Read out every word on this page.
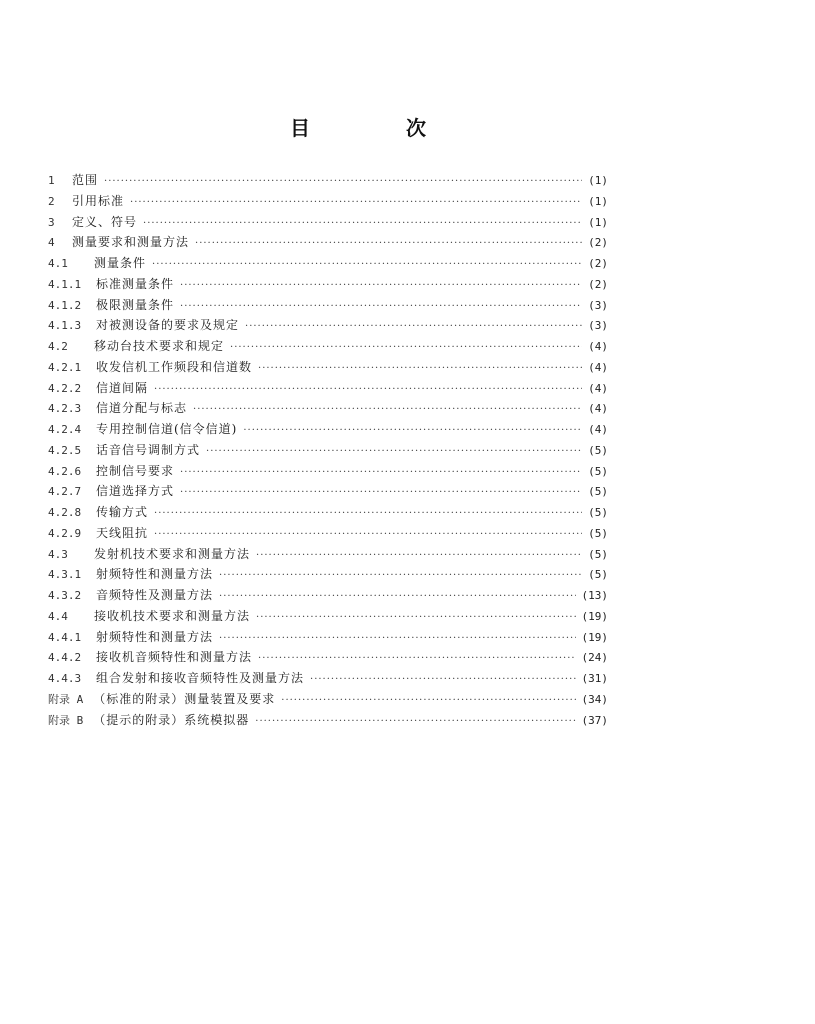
目　次
1	范围 ·····	(1)
2	引用标准 ·····	(1)
3	定义、符号 ·····	(1)
4	测量要求和测量方法 ·····	(2)
4.1	测量条件 ·····	(2)
4.1.1	标准测量条件 ·····	(2)
4.1.2	极限测量条件 ·····	(3)
4.1.3	对被测设备的要求及规定 ·····	(3)
4.2	移动台技术要求和规定 ·····	(4)
4.2.1	收发信机工作频段和信道数 ·····	(4)
4.2.2	信道间隔 ·····	(4)
4.2.3	信道分配与标志 ·····	(4)
4.2.4	专用控制信道(信令信道) ·····	(4)
4.2.5	话音信号调制方式 ·····	(5)
4.2.6	控制信号要求 ·····	(5)
4.2.7	信道选择方式 ·····	(5)
4.2.8	传输方式 ·····	(5)
4.2.9	天线阻抗 ·····	(5)
4.3	发射机技术要求和测量方法 ·····	(5)
4.3.1	射频特性和测量方法 ·····	(5)
4.3.2	音频特性及测量方法 ·····	(13)
4.4	接收机技术要求和测量方法 ·····	(19)
4.4.1	射频特性和测量方法 ·····	(19)
4.4.2	接收机音频特性和测量方法 ·····	(24)
4.4.3	组合发射和接收音频特性及测量方法 ·····	(31)
附录 A （标准的附录）测量装置及要求 ·····	(34)
附录 B （提示的附录）系统模拟器 ·····	(37)
